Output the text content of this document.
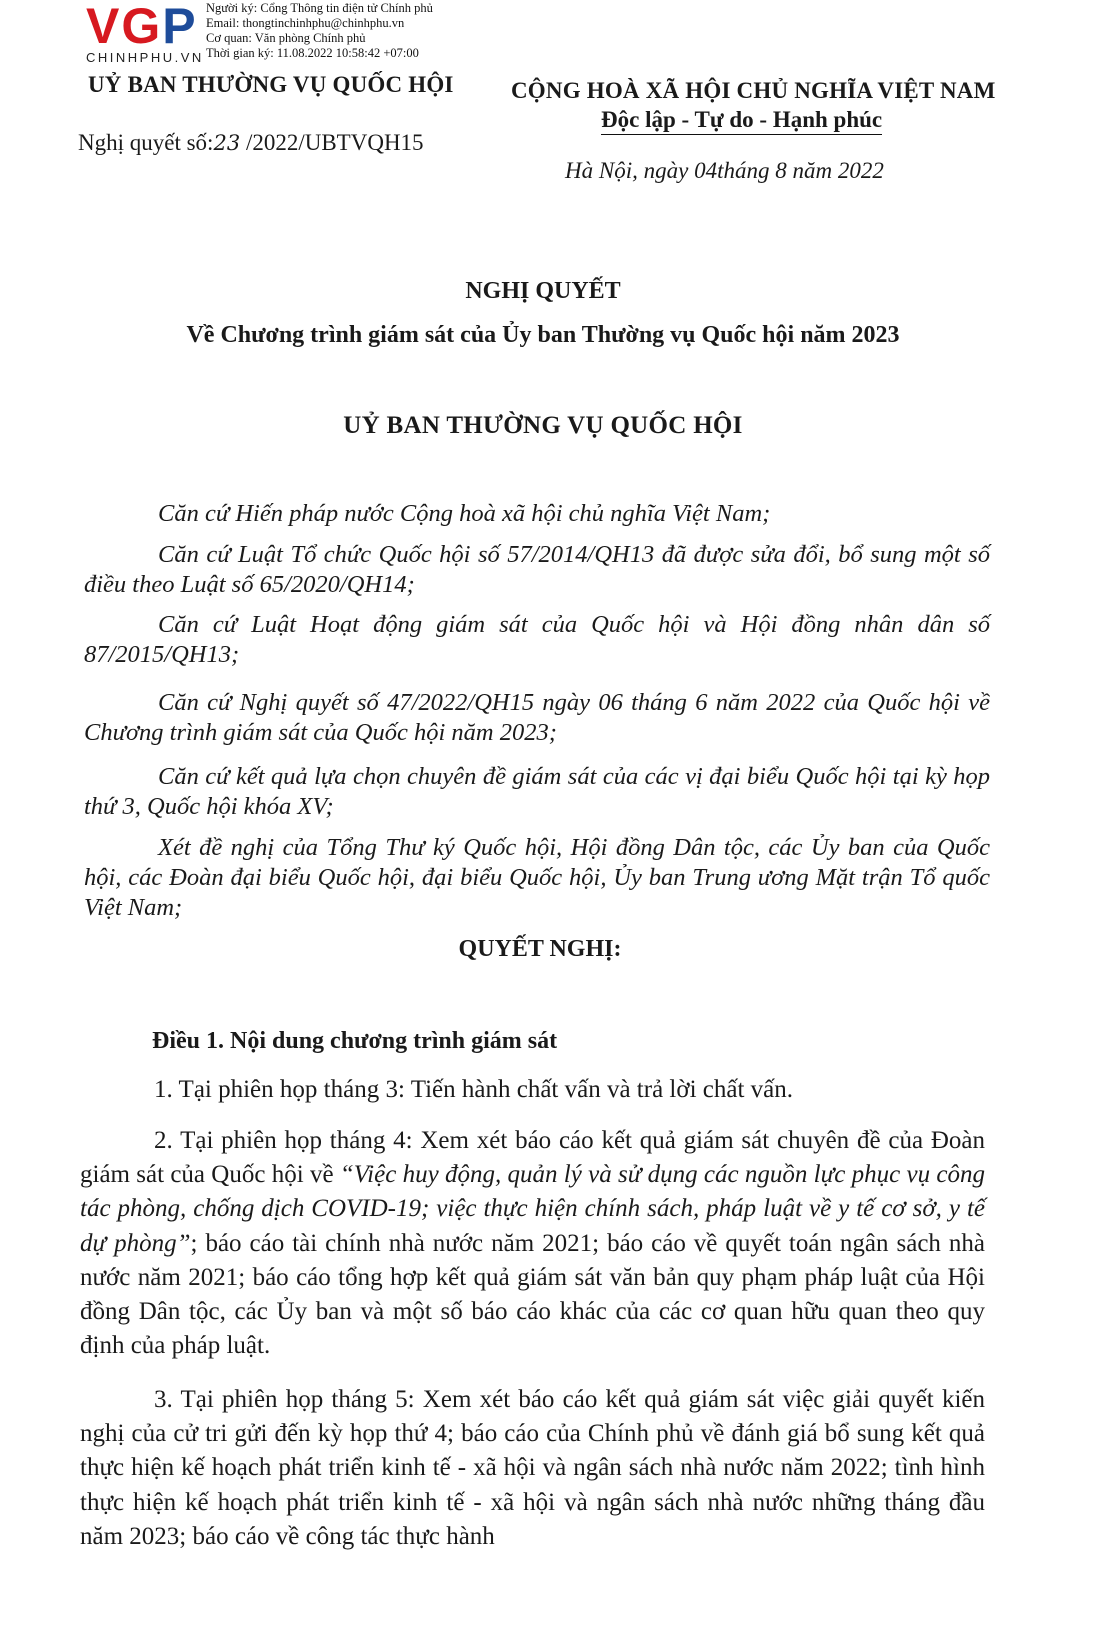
VGP
CHINHPHU.VN
Người ký: Cổng Thông tin điện tử Chính phủ
Email: thongtinchinhphu@chinhphu.vn
Cơ quan: Văn phòng Chính phủ
Thời gian ký: 11.08.2022 10:58:42 +07:00
UỶ BAN THƯỜNG VỤ QUỐC HỘI CỘNG HOÀ XÃ HỘI CHỦ NGHĨA VIỆT NAM
Độc lập - Tự do - Hạnh phúc
Nghị quyết số:23 /2022/UBTVQH15
Hà Nội, ngày 04tháng 8 năm 2022
NGHỊ QUYẾT
Về Chương trình giám sát của Ủy ban Thường vụ Quốc hội năm 2023
UỶ BAN THƯỜNG VỤ QUỐC HỘI
Căn cứ Hiến pháp nước Cộng hoà xã hội chủ nghĩa Việt Nam;
Căn cứ Luật Tổ chức Quốc hội số 57/2014/QH13 đã được sửa đổi, bổ sung một số điều theo Luật số 65/2020/QH14;
Căn cứ Luật Hoạt động giám sát của Quốc hội và Hội đồng nhân dân số 87/2015/QH13;
Căn cứ Nghị quyết số 47/2022/QH15 ngày 06 tháng 6 năm 2022 của Quốc hội về Chương trình giám sát của Quốc hội năm 2023;
Căn cứ kết quả lựa chọn chuyên đề giám sát của các vị đại biểu Quốc hội tại kỳ họp thứ 3, Quốc hội khóa XV;
Xét đề nghị của Tổng Thư ký Quốc hội, Hội đồng Dân tộc, các Ủy ban của Quốc hội, các Đoàn đại biểu Quốc hội, đại biểu Quốc hội, Ủy ban Trung ương Mặt trận Tổ quốc Việt Nam;
QUYẾT NGHỊ:
Điều 1. Nội dung chương trình giám sát
1. Tại phiên họp tháng 3: Tiến hành chất vấn và trả lời chất vấn.
2. Tại phiên họp tháng 4: Xem xét báo cáo kết quả giám sát chuyên đề của Đoàn giám sát của Quốc hội về “Việc huy động, quản lý và sử dụng các nguồn lực phục vụ công tác phòng, chống dịch COVID-19; việc thực hiện chính sách, pháp luật về y tế cơ sở, y tế dự phòng”; báo cáo tài chính nhà nước năm 2021; báo cáo về quyết toán ngân sách nhà nước năm 2021; báo cáo tổng hợp kết quả giám sát văn bản quy phạm pháp luật của Hội đồng Dân tộc, các Ủy ban và một số báo cáo khác của các cơ quan hữu quan theo quy định của pháp luật.
3. Tại phiên họp tháng 5: Xem xét báo cáo kết quả giám sát việc giải quyết kiến nghị của cử tri gửi đến kỳ họp thứ 4; báo cáo của Chính phủ về đánh giá bổ sung kết quả thực hiện kế hoạch phát triển kinh tế - xã hội và ngân sách nhà nước năm 2022; tình hình thực hiện kế hoạch phát triển kinh tế - xã hội và ngân sách nhà nước những tháng đầu năm 2023; báo cáo về công tác thực hành
